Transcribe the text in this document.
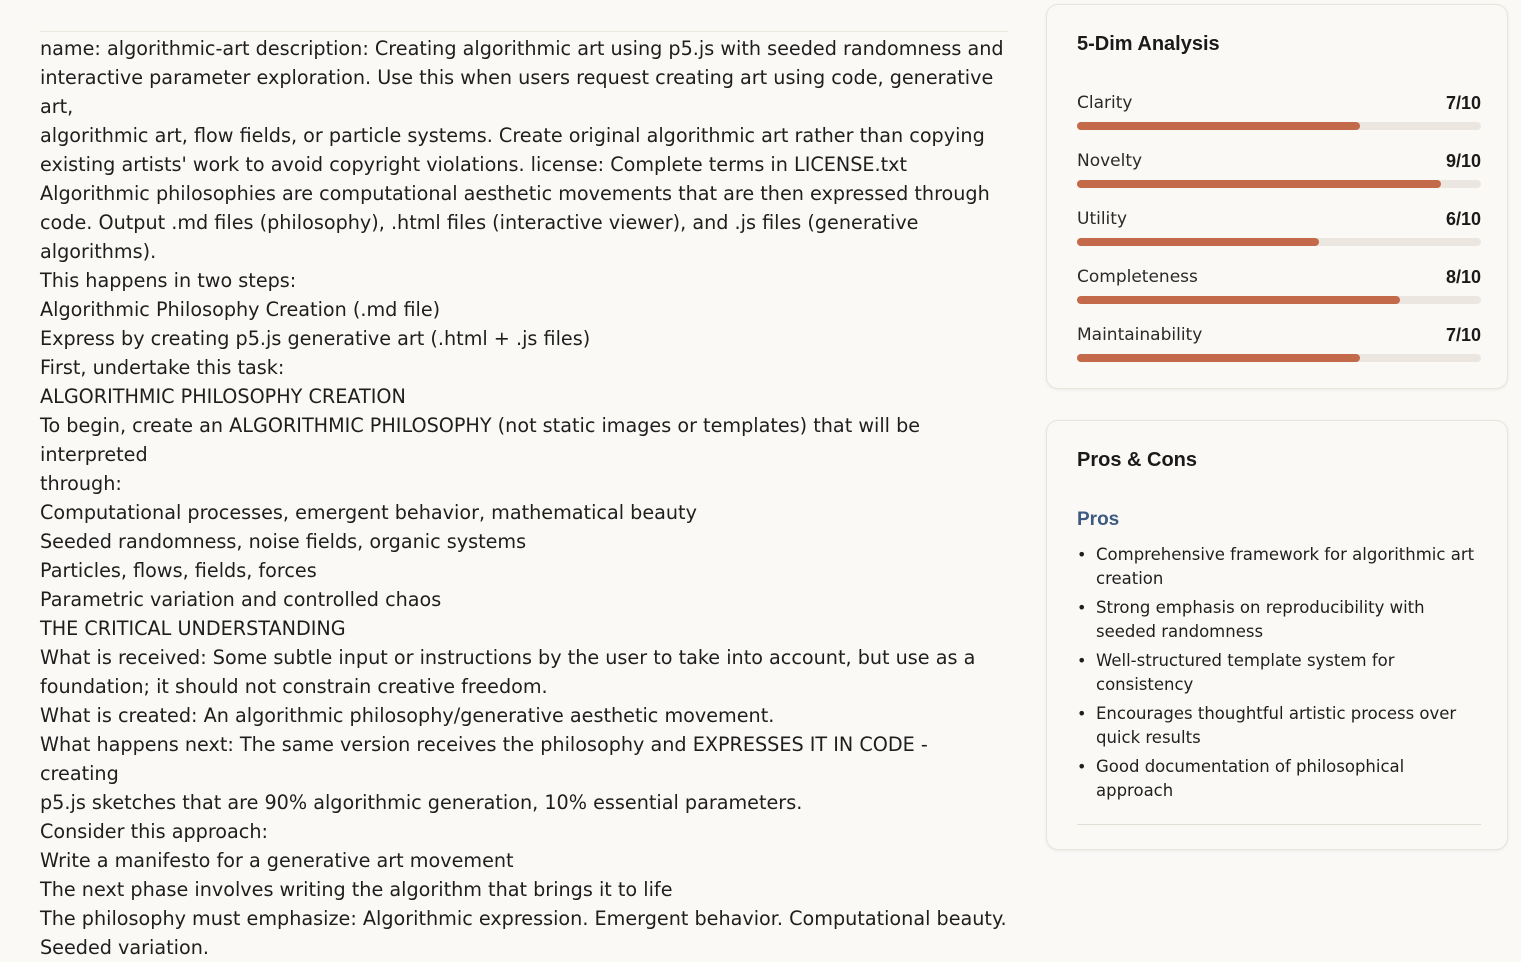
name: algorithmic-art description: Creating algorithmic art using p5.js with seeded randomness and
interactive parameter exploration. Use this when users request creating art using code, generative art,
algorithmic art, flow fields, or particle systems. Create original algorithmic art rather than copying
existing artists' work to avoid copyright violations. license: Complete terms in LICENSE.txt
Algorithmic philosophies are computational aesthetic movements that are then expressed through
code. Output .md files (philosophy), .html files (interactive viewer), and .js files (generative algorithms).
This happens in two steps:
Algorithmic Philosophy Creation (.md file)
Express by creating p5.js generative art (.html + .js files)
First, undertake this task:
ALGORITHMIC PHILOSOPHY CREATION
To begin, create an ALGORITHMIC PHILOSOPHY (not static images or templates) that will be interpreted
through:
Computational processes, emergent behavior, mathematical beauty
Seeded randomness, noise fields, organic systems
Particles, flows, fields, forces
Parametric variation and controlled chaos
THE CRITICAL UNDERSTANDING
What is received: Some subtle input or instructions by the user to take into account, but use as a
foundation; it should not constrain creative freedom.
What is created: An algorithmic philosophy/generative aesthetic movement.
What happens next: The same version receives the philosophy and EXPRESSES IT IN CODE - creating
p5.js sketches that are 90% algorithmic generation, 10% essential parameters.
Consider this approach:
Write a manifesto for a generative art movement
The next phase involves writing the algorithm that brings it to life
The philosophy must emphasize: Algorithmic expression. Emergent behavior. Computational beauty.
Seeded variation.
5-Dim Analysis
Clarity	7/10
Novelty	9/10
Utility	6/10
Completeness	8/10
Maintainability	7/10
Pros & Cons
Pros
• Comprehensive framework for algorithmic art creation
• Strong emphasis on reproducibility with seeded randomness
• Well-structured template system for consistency
• Encourages thoughtful artistic process over quick results
• Good documentation of philosophical approach
